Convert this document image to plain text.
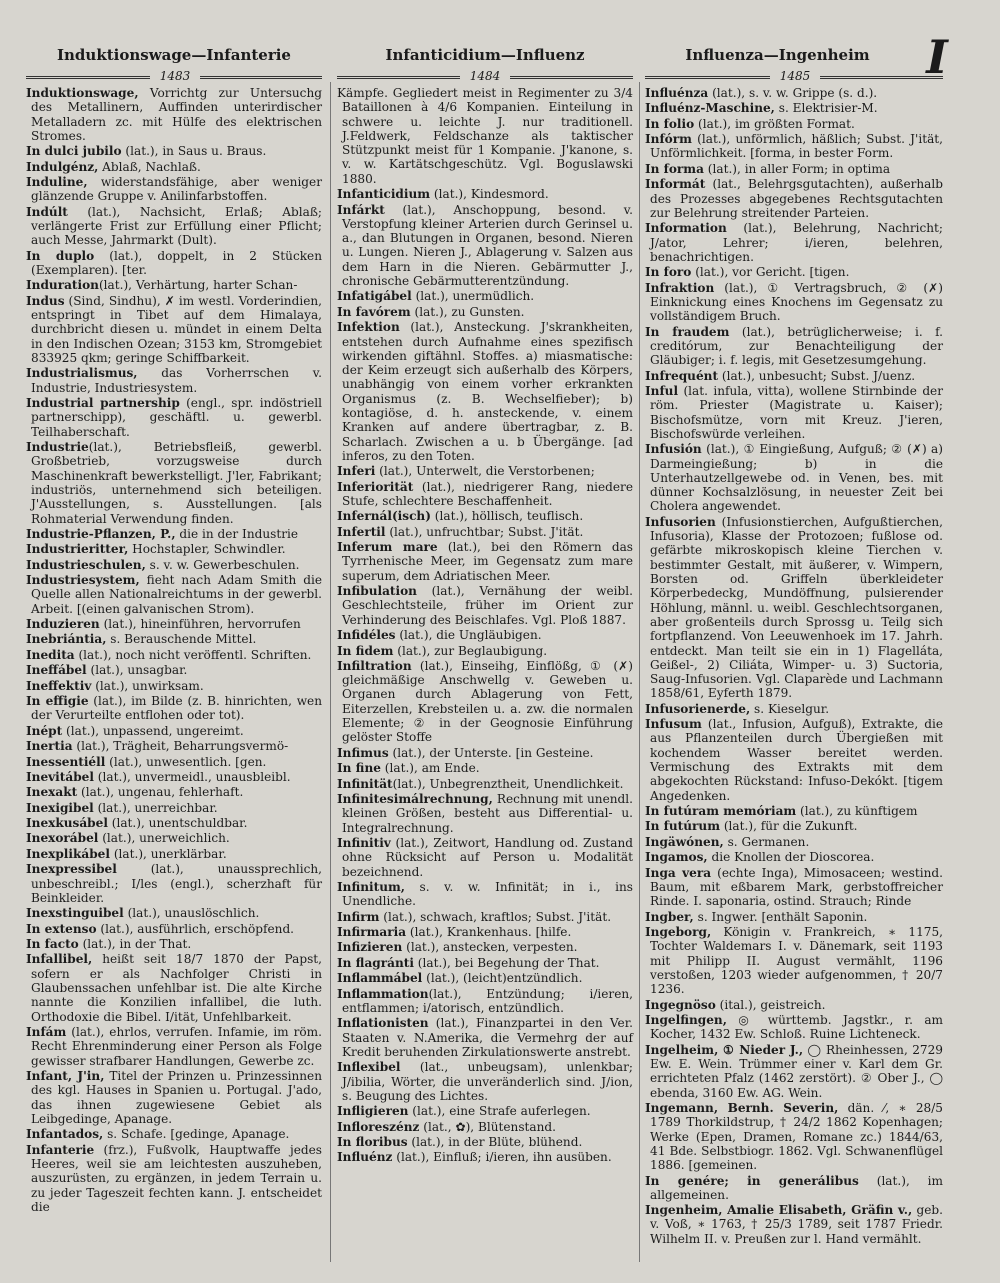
Induktionswage—Infanterie	Infanticidium—Influenz	Influenza—Ingenheim	I
1483	1484	1485

Induktionswage, Vorrichtg zur Untersuchg des Metallinern, Auffinden unterirdischer Metalladern zc. mit Hülfe des elektrischen Stromes.

In dulci jubilo (lat.), in Saus u. Braus.

Indulgénz, Ablaß, Nachlaß.

Induline, widerstandsfähige, aber weniger glänzende Gruppe v. Anilinfarbstoffen.

Indúlt (lat.), Nachsicht, Erlaß; Ablaß; verlängerte Frist zur Erfüllung einer Pflicht; auch Messe, Jahrmarkt (Dult).

In duplo (lat.), doppelt, in 2 Stücken (Exemplaren). [ter.

Induration(lat.), Verhärtung, harter Schan-

Indus (Sind, Sindhu), ✗ im westl. Vorderindien, entspringt in Tibet auf dem Himalaya, durchbricht diesen u. mündet in einem Delta in den Indischen Ozean; 3153 km, Stromgebiet 833925 qkm; geringe Schiffbarkeit.

Industrialismus, das Vorherrschen v. Industrie, Industriesystem.

Industrial partnership (engl., spr. indöstriell partnerschipp), geschäftl. u. gewerbl. Teilhaberschaft.

Industrie(lat.), Betriebsfleiß, gewerbl. Großbetrieb, vorzugsweise durch Maschinenkraft bewerkstelligt. J'ler, Fabrikant; industriös, unternehmend sich beteiligen. J'Ausstellungen, s. Ausstellungen. [als Rohmaterial Verwendung finden.

Industrie-Pflanzen, P., die in der Industrie

Industrieritter, Hochstapler, Schwindler.

Industrieschulen, s. v. w. Gewerbeschulen.

Industriesystem, fieht nach Adam Smith die Quelle allen Nationalreichtums in der gewerbl. Arbeit. [(einen galvanischen Strom).

Induzieren (lat.), hineinführen, hervorrufen

Inebriántia, s. Berauschende Mittel.

Inedita (lat.), noch nicht veröffentl. Schriften.

Ineffábel (lat.), unsagbar.

Ineffektiv (lat.), unwirksam.

In effigie (lat.), im Bilde (z. B. hinrichten, wen der Verurteilte entflohen oder tot).

Inépt (lat.), unpassend, ungereimt.

Inertia (lat.), Trägheit, Beharrungsvermö-

Inessentiéll (lat.), unwesentlich. [gen.

Inevitábel (lat.), unvermeidl., unausbleibl.

Inexakt (lat.), ungenau, fehlerhaft.

Inexigibel (lat.), unerreichbar.

Inexkusábel (lat.), unentschuldbar.

Inexorábel (lat.), unerweichlich.

Inexplikábel (lat.), unerklärbar.

Inexpressibel (lat.), unaussprechlich, unbeschreibl.; I/les (engl.), scherzhaft für Beinkleider.

Inexstinguibel (lat.), unauslöschlich.

In extenso (lat.), ausführlich, erschöpfend.

In facto (lat.), in der That.

Infallibel, heißt seit 18/7 1870 der Papst, sofern er als Nachfolger Christi in Glaubenssachen unfehlbar ist. Die alte Kirche nannte die Konzilien infallibel, die luth. Orthodoxie die Bibel. I/ität, Unfehlbarkeit.

Infám (lat.), ehrlos, verrufen. Infamie, im röm. Recht Ehrenminderung einer Person als Folge gewisser strafbarer Handlungen, Gewerbe zc.

Infant, J'in, Titel der Prinzen u. Prinzessinnen des kgl. Hauses in Spanien u. Portugal. J'ado, das ihnen zugewiesene Gebiet als Leibgedinge, Apanage.

Infantados, s. Schafe. [gedinge, Apanage.

Infanterie (frz.), Fußvolk, Hauptwaffe jedes Heeres, weil sie am leichtesten auszuheben, auszurüsten, zu ergänzen, in jedem Terrain u. zu jeder Tageszeit fechten kann. J. entscheidet die

Kämpfe. Gegliedert meist in Regimenter zu 3/4 Bataillonen à 4/6 Kompanien. Einteilung in schwere u. leichte J. nur traditionell. J.Feldwerk, Feldschanze als taktischer Stützpunkt meist für 1 Kompanie. J'kanone, s. v. w. Kartätschgeschütz. Vgl. Boguslawski 1880.

Infanticidium (lat.), Kindesmord.

Infárkt (lat.), Anschoppung, besond. v. Verstopfung kleiner Arterien durch Gerinsel u. a., dan Blutungen in Organen, besond. Nieren u. Lungen. Nieren J., Ablagerung v. Salzen aus dem Harn in die Nieren. Gebärmutter J., chronische Gebärmutterentzündung.

Infatigábel (lat.), unermüdlich.

In favórem (lat.), zu Gunsten.

Infektion (lat.), Ansteckung. J'skrankheiten, entstehen durch Aufnahme eines spezifisch wirkenden giftähnl. Stoffes. a) miasmatische: der Keim erzeugt sich außerhalb des Körpers, unabhängig von einem vorher erkrankten Organismus (z. B. Wechselfieber); b) kontagiöse, d. h. ansteckende, v. einem Kranken auf andere übertragbar, z. B. Scharlach. Zwischen a u. b Übergänge. [ad inferos, zu den Toten.

Inferi (lat.), Unterwelt, die Verstorbenen;

Inferiorität (lat.), niedrigerer Rang, niedere Stufe, schlechtere Beschaffenheit.

Infernál(isch) (lat.), höllisch, teuflisch.

Infertil (lat.), unfruchtbar; Subst. J'ität.

Inferum mare (lat.), bei den Römern das Tyrrhenische Meer, im Gegensatz zum mare superum, dem Adriatischen Meer.

Infibulation (lat.), Vernähung der weibl. Geschlechtsteile, früher im Orient zur Verhinderung des Beischlafes. Vgl. Ploß 1887.

Infidéles (lat.), die Ungläubigen.

In fidem (lat.), zur Beglaubigung.

Infiltration (lat.), Einseihg, Einflößg, ① (✗) gleichmäßige Anschwellg v. Geweben u. Organen durch Ablagerung von Fett, Eiterzellen, Krebsteilen u. a. zw. die normalen Elemente; ② in der Geognosie Einführung gelöster Stoffe

Infimus (lat.), der Unterste. [in Gesteine.

In fine (lat.), am Ende.

Infinität(lat.), Unbegrenztheit, Unendlichkeit.

Infinitesimálrechnung, Rechnung mit unendl. kleinen Größen, besteht aus Differential- u. Integralrechnung.

Infinitiv (lat.), Zeitwort, Handlung od. Zustand ohne Rücksicht auf Person u. Modalität bezeichnend.

Infinitum, s. v. w. Infinität; in i., ins Unendliche.

Infirm (lat.), schwach, kraftlos; Subst. J'ität.

Infirmaria (lat.), Krankenhaus. [hilfe.

Infizieren (lat.), anstecken, verpesten.

In flagránti (lat.), bei Begehung der That.

Inflammábel (lat.), (leicht)entzündlich.

Inflammation(lat.), Entzündung; i/ieren, entflammen; i/atorisch, entzündlich.

Inflationisten (lat.), Finanzpartei in den Ver. Staaten v. N.Amerika, die Vermehrg der auf Kredit beruhenden Zirkulationswerte anstrebt.

Inflexibel (lat., unbeugsam), unlenkbar; J/ibilia, Wörter, die unveränderlich sind. J/ion, s. Beugung des Lichtes.

Infligieren (lat.), eine Strafe auferlegen.

Infloreszénz (lat., ✿), Blütenstand.

In floribus (lat.), in der Blüte, blühend.

Influénz (lat.), Einfluß; i/ieren, ihn ausüben.

Influénza (lat.), s. v. w. Grippe (s. d.).

Influénz-Maschine, s. Elektrisier-M.

In folio (lat.), im größten Format.

Infórm (lat.), unförmlich, häßlich; Subst. J'ität, Unförmlichkeit. [forma, in bester Form.

In forma (lat.), in aller Form; in optima

Informát (lat., Belehrgsgutachten), außerhalb des Prozesses abgegebenes Rechtsgutachten zur Belehrung streitender Parteien.

Information (lat.), Belehrung, Nachricht; J/ator, Lehrer; i/ieren, belehren, benachrichtigen.

In foro (lat.), vor Gericht. [tigen.

Infraktion (lat.), ① Vertragsbruch, ② (✗) Einknickung eines Knochens im Gegensatz zu vollständigem Bruch.

In fraudem (lat.), betrüglicherweise; i. f. creditórum, zur Benachteiligung der Gläubiger; i. f. legis, mit Gesetzesumgehung.

Infrequént (lat.), unbesucht; Subst. J/uenz.

Inful (lat. infula, vitta), wollene Stirnbinde der röm. Priester (Magistrate u. Kaiser); Bischofsmütze, vorn mit Kreuz. J'ieren, Bischofswürde verleihen.

Infusión (lat.), ① Eingießung, Aufguß; ② (✗) a) Darmeingießung; b) in die Unterhautzellgewebe od. in Venen, bes. mit dünner Kochsalzlösung, in neuester Zeit bei Cholera angewendet.

Infusorien (Infusionstierchen, Aufgußtierchen, Infusoria), Klasse der Protozoen; fußlose od. gefärbte mikroskopisch kleine Tierchen v. bestimmter Gestalt, mit äußerer, v. Wimpern, Borsten od. Griffeln überkleideter Körperbedeckg, Mundöffnung, pulsierender Höhlung, männl. u. weibl. Geschlechtsorganen, aber großenteils durch Sprossg u. Teilg sich fortpflanzend. Von Leeuwenhoek im 17. Jahrh. entdeckt. Man teilt sie ein in 1) Flagelláta, Geißel-, 2) Ciliáta, Wimper- u. 3) Suctoria, Saug-Infusorien. Vgl. Claparède und Lachmann 1858/61, Eyferth 1879.

Infusorienerde, s. Kieselgur.

Infusum (lat., Infusion, Aufguß), Extrakte, die aus Pflanzenteilen durch Übergießen mit kochendem Wasser bereitet werden. Vermischung des Extrakts mit dem abgekochten Rückstand: Infuso-Dekókt. [tigem Angedenken.

In futúram memóriam (lat.), zu künftigem

In futúrum (lat.), für die Zukunft.

Ingäwónen, s. Germanen.

Ingamos, die Knollen der Dioscorea.

Inga vera (echte Inga), Mimosaceen; westind. Baum, mit eßbarem Mark, gerbstoffreicher Rinde. I. saponaria, ostind. Strauch; Rinde

Ingber, s. Ingwer. [enthält Saponin.

Ingeborg, Königin v. Frankreich, ∗ 1175, Tochter Waldemars I. v. Dänemark, seit 1193 mit Philipp II. August vermählt, 1196 verstoßen, 1203 wieder aufgenommen, † 20/7 1236.

Ingegnöso (ital.), geistreich.

Ingelfingen, ◎ württemb. Jagstkr., r. am Kocher, 1432 Ew. Schloß. Ruine Lichteneck.

Ingelheim, ① Nieder J., ◯ Rheinhessen, 2729 Ew. E. Wein. Trümmer einer v. Karl dem Gr. errichteten Pfalz (1462 zerstört). ② Ober J., ◯ ebenda, 3160 Ew. AG. Wein.

Ingemann, Bernh. Severin, dän. ⁄, ∗ 28/5 1789 Thorkildstrup, † 24/2 1862 Kopenhagen; Werke (Epen, Dramen, Romane zc.) 1844/63, 41 Bde. Selbstbiogr. 1862. Vgl. Schwanenflügel 1886. [gemeinen.

In genére; in generálibus (lat.), im allgemeinen.

Ingenheim, Amalie Elisabeth, Gräfin v., geb. v. Voß, ∗ 1763, † 25/3 1789, seit 1787 Friedr. Wilhelm II. v. Preußen zur l. Hand vermählt.
